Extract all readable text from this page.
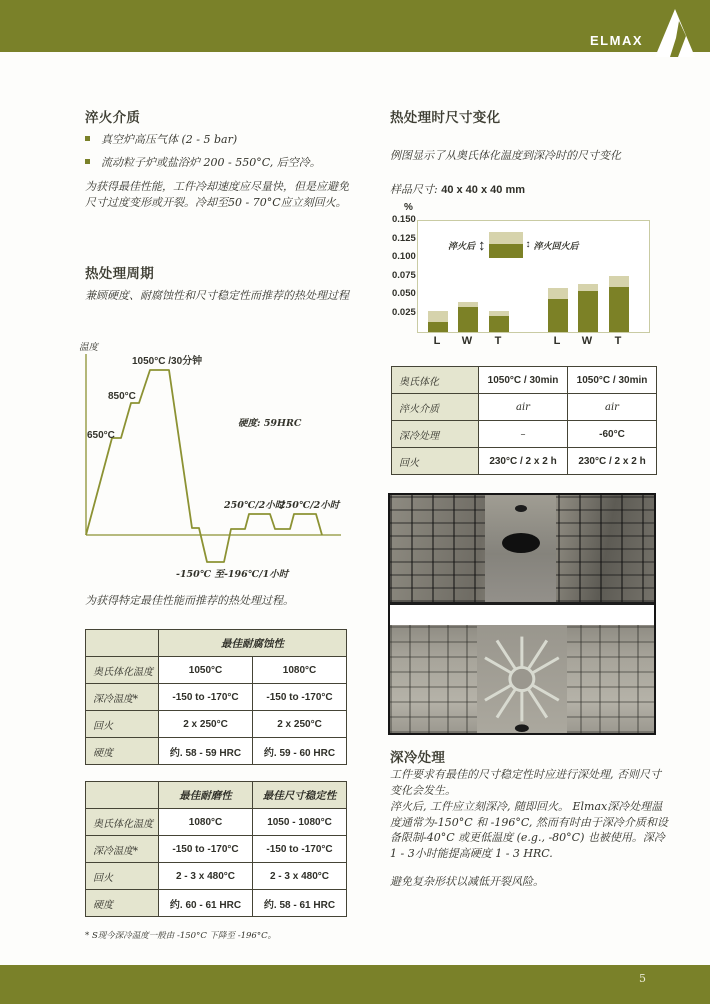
ELMAX
淬火介质
真空炉高压气体 (2 - 5 bar)
流动粒子炉或盐浴炉 200 - 550°C, 后空冷。
为获得最佳性能，工件冷却速度应尽量快，但是应避免尺寸过度变形或开裂。冷却至50 - 70°C应立刻回火。
热处理周期
兼顾硬度、耐腐蚀性和尺寸稳定性而推荐的热处理过程
温度
1050°C /30分钟
850°C
650°C
硬度: 59HRC
250℃/2小时
250℃/2小时
-150℃ 至-196℃/1小时
为获得特定最佳性能而推荐的热处理过程。
	最佳耐腐蚀性	
奥氏体化温度	1050°C	1080°C
深冷温度*	-150 to -170°C	-150 to -170°C
回火	2 x 250°C	2 x 250°C
硬度	约. 58 - 59 HRC	约. 59 - 60 HRC
	最佳耐磨性	最佳尺寸稳定性
奥氏体化温度	1080°C	1050 - 1080°C
深冷温度*	-150 to -170°C	-150 to -170°C
回火	2 - 3 x 480°C	2 - 3 x 480°C
硬度	约. 60 - 61 HRC	约. 58 - 61 HRC
* S现今深冷温度一般由 -150°C 下降至 -196°C。
热处理时尺寸变化
例图显示了从奥氏体化温度到深冷时的尺寸变化
样品尺寸: 40 x 40 x 40 mm
%
淬火后 ↕	↕ 淬火回火后
L	W	T	L	W	T
0.025
0.050
0.075
0.100
0.125
0.150
奥氏体化	1050°C / 30min	1050°C / 30min
淬火介质	air	air
深冷处理	–	-60°C
回火	230°C / 2 x 2 h	230°C / 2 x 2 h
深冷处理
工件要求有最佳的尺寸稳定性时应进行深处理, 否则尺寸变化会发生。
淬火后, 工件应立刻深冷, 随即回火。 Elmax深冷处理温度通常为-150°C 和 -196°C, 然而有时由于深冷介质和设备限制-40°C 或更低温度 (e.g., -80°C) 也被使用。深冷 1 - 3小时能提高硬度 1 - 3 HRC.
避免复杂形状以减低开裂风险。
5
